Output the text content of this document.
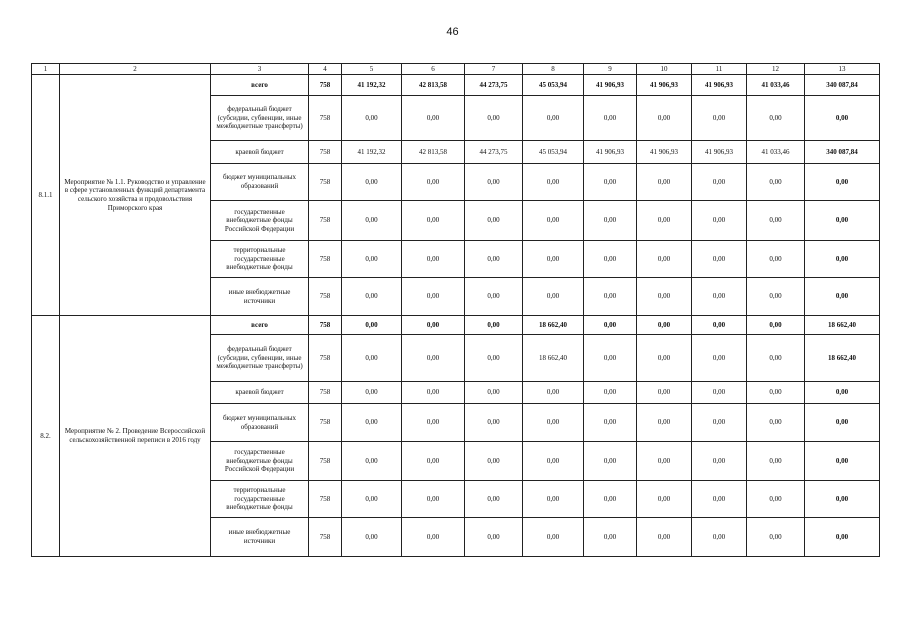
46
1	2	3	4	5	6	7	8	9	10	11	12	13
8.1.1	Мероприятие № 1.1. Руководство и управление в сфере установленных функций департамента сельского хозяйства и продовольствия Приморского края	всего	758	41 192,32	42 813,58	44 273,75	45 053,94	41 906,93	41 906,93	41 906,93	41 033,46	340 087,84
		федеральный бюджет (субсидии, субвенции, иные межбюджетные трансферты)	758	0,00	0,00	0,00	0,00	0,00	0,00	0,00	0,00	0,00
		краевой бюджет	758	41 192,32	42 813,58	44 273,75	45 053,94	41 906,93	41 906,93	41 906,93	41 033,46	340 087,84
		бюджет муниципальных образований	758	0,00	0,00	0,00	0,00	0,00	0,00	0,00	0,00	0,00
		государственные внебюджетные фонды Российской Федерации	758	0,00	0,00	0,00	0,00	0,00	0,00	0,00	0,00	0,00
		территориальные государственные внебюджетные фонды	758	0,00	0,00	0,00	0,00	0,00	0,00	0,00	0,00	0,00
		иные внебюджетные источники	758	0,00	0,00	0,00	0,00	0,00	0,00	0,00	0,00	0,00
8.2.	Мероприятие № 2. Проведение Всероссийской сельскохозяйственной переписи в 2016 году	всего	758	0,00	0,00	0,00	18 662,40	0,00	0,00	0,00	0,00	18 662,40
		федеральный бюджет (субсидии, субвенции, иные межбюджетные трансферты)	758	0,00	0,00	0,00	18 662,40	0,00	0,00	0,00	0,00	18 662,40
		краевой бюджет	758	0,00	0,00	0,00	0,00	0,00	0,00	0,00	0,00	0,00
		бюджет муниципальных образований	758	0,00	0,00	0,00	0,00	0,00	0,00	0,00	0,00	0,00
		государственные внебюджетные фонды Российской Федерации	758	0,00	0,00	0,00	0,00	0,00	0,00	0,00	0,00	0,00
		территориальные государственные внебюджетные фонды	758	0,00	0,00	0,00	0,00	0,00	0,00	0,00	0,00	0,00
		иные внебюджетные источники	758	0,00	0,00	0,00	0,00	0,00	0,00	0,00	0,00	0,00
